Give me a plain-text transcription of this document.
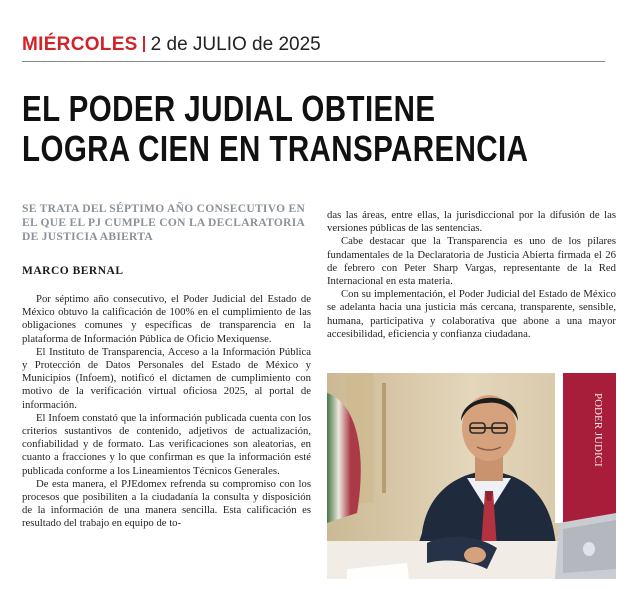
MIÉRCOLES 2 de JULIO de 2025
EL PODER JUDIAL OBTIENE
LOGRA CIEN EN TRANSPARENCIA
SE TRATA DEL SÉPTIMO AÑO CONSECUTIVO EN EL QUE EL PJ CUMPLE CON LA DECLARATORIA DE JUSTICIA ABIERTA
MARCO BERNAL

Por séptimo año consecutivo, el Poder Judicial del Estado de México obtuvo la calificación de 100% en el cumplimiento de las obligaciones comunes y específicas de transparencia en la plataforma de Información Pública de Oficio Mexiquense.

El Instituto de Transparencia, Acceso a la Información Pública y Protección de Datos Personales del Estado de México y Municipios (Infoem), notificó el dictamen de cumplimiento con motivo de la verificación virtual oficiosa 2025, al portal de información.

El Infoem constató que la información publicada cuenta con los criterios sustantivos de contenido, adjetivos de actualización, confiabilidad y de formato. Las verificaciones son aleatorias, en cuanto a fracciones y lo que confirman es que la información esté publicada conforme a los Lineamientos Técnicos Generales.

De esta manera, el PJEdomex refrenda su compromiso con los procesos que posibiliten a la ciudadanía la consulta y disposición de la información de una manera sencilla. Esta calificación es resultado del trabajo en equipo de to-

das las áreas, entre ellas, la jurisdiccional por la difusión de las versiones públicas de las sentencias.

Cabe destacar que la Transparencia es uno de los pilares fundamentales de la Declaratoria de Justicia Abierta firmada el 26 de febrero con Peter Sharp Vargas, representante de la Red Internacional en esta materia.

Con su implementación, el Poder Judicial del Estado de México se adelanta hacia una justicia más cercana, transparente, sensible, humana, participativa y colaborativa que abone a una mayor accesibilidad, eficiencia y confianza ciudadana.

PODER JUDICI
